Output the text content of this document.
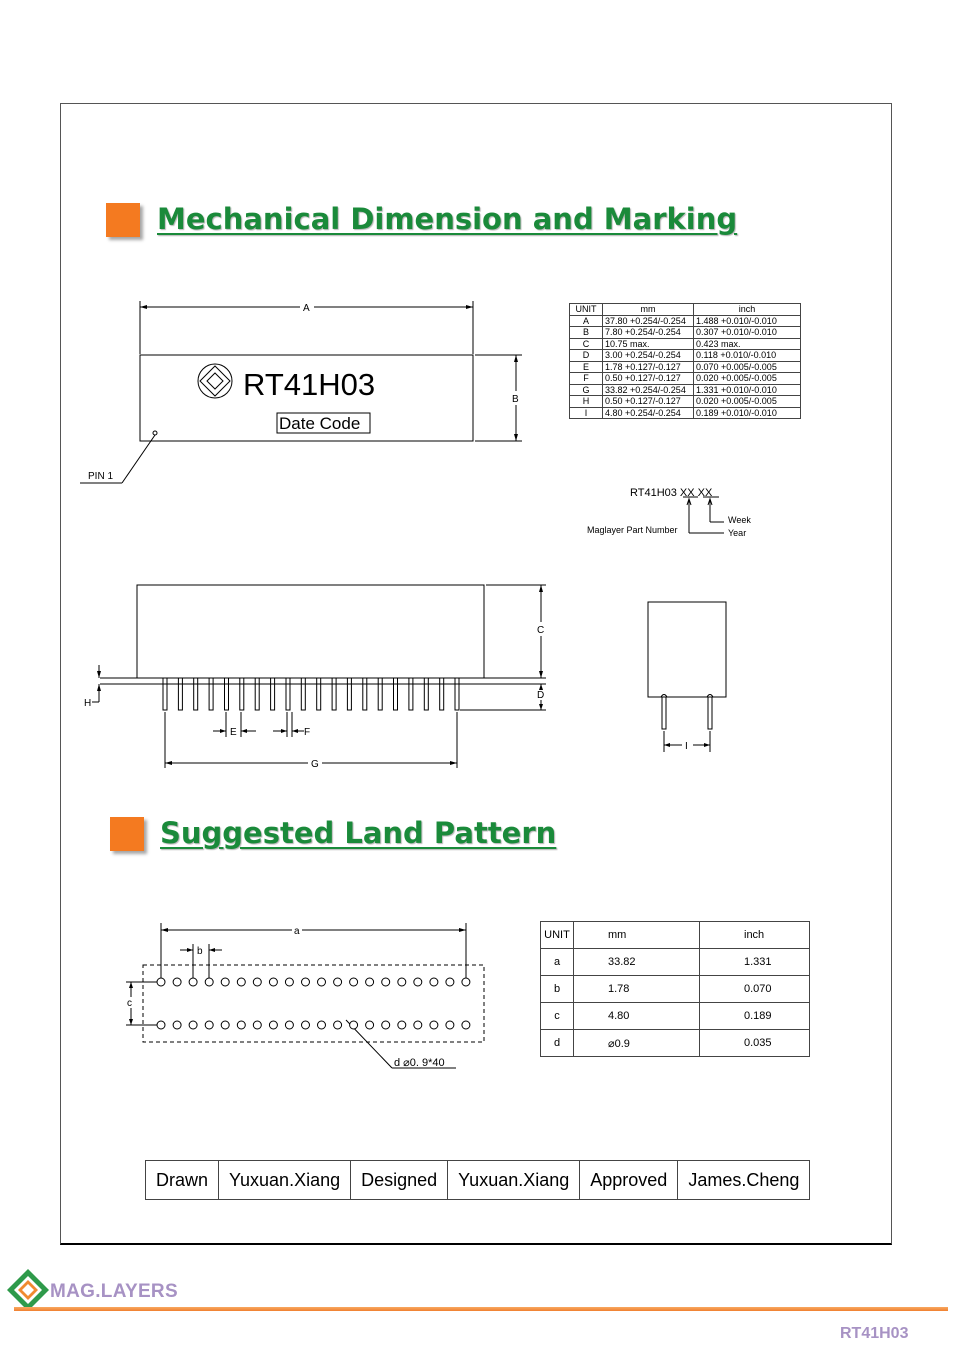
Mechanical Dimension and Marking
A
B
RT41H03
Date Code
PIN 1
RT41H03 XX XX
Week
Year
Maglayer Part Number
C
D
H
E	F
G
I
UNIT	mm	inch
A	37.80 +0.254/-0.254	1.488 +0.010/-0.010
B	7.80 +0.254/-0.254	0.307 +0.010/-0.010
C	10.75 max.	0.423 max.
D	3.00 +0.254/-0.254	0.118 +0.010/-0.010
E	1.78 +0.127/-0.127	0.070 +0.005/-0.005
F	0.50 +0.127/-0.127	0.020 +0.005/-0.005
G	33.82 +0.254/-0.254	1.331 +0.010/-0.010
H	0.50 +0.127/-0.127	0.020 +0.005/-0.005
I	4.80 +0.254/-0.254	0.189 +0.010/-0.010
Suggested Land Pattern
a
b
c
d ⌀0. 9*40
UNIT	mm	inch
a	33.82	1.331
b	1.78	0.070
c	4.80	0.189
d	⌀0.9	0.035
Drawn	Yuxuan.Xiang	Designed	Yuxuan.Xiang	Approved	James.Cheng
MAG.LAYERS
RT41H03
